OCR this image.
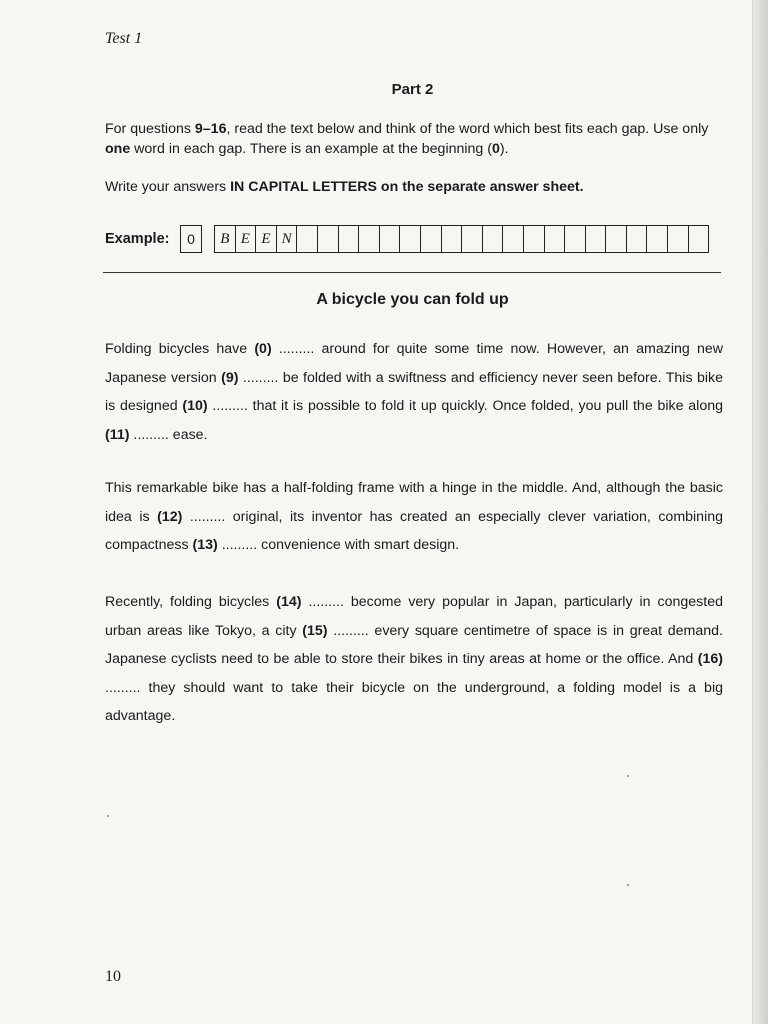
Test 1
Part 2
For questions 9–16, read the text below and think of the word which best fits each gap. Use only one word in each gap. There is an example at the beginning (0).
Write your answers IN CAPITAL LETTERS on the separate answer sheet.
Example:	0	B E E N
A bicycle you can fold up
Folding bicycles have (0) ......... around for quite some time now. However, an amazing new Japanese version (9) ......... be folded with a swiftness and efficiency never seen before. This bike is designed (10) ......... that it is possible to fold it up quickly. Once folded, you pull the bike along (11) ......... ease.
This remarkable bike has a half-folding frame with a hinge in the middle. And, although the basic idea is (12) ......... original, its inventor has created an especially clever variation, combining compactness (13) ......... convenience with smart design.
Recently, folding bicycles (14) ......... become very popular in Japan, particularly in congested urban areas like Tokyo, a city (15) ......... every square centimetre of space is in great demand. Japanese cyclists need to be able to store their bikes in tiny areas at home or the office. And (16) ......... they should want to take their bicycle on the underground, a folding model is a big advantage.
10
